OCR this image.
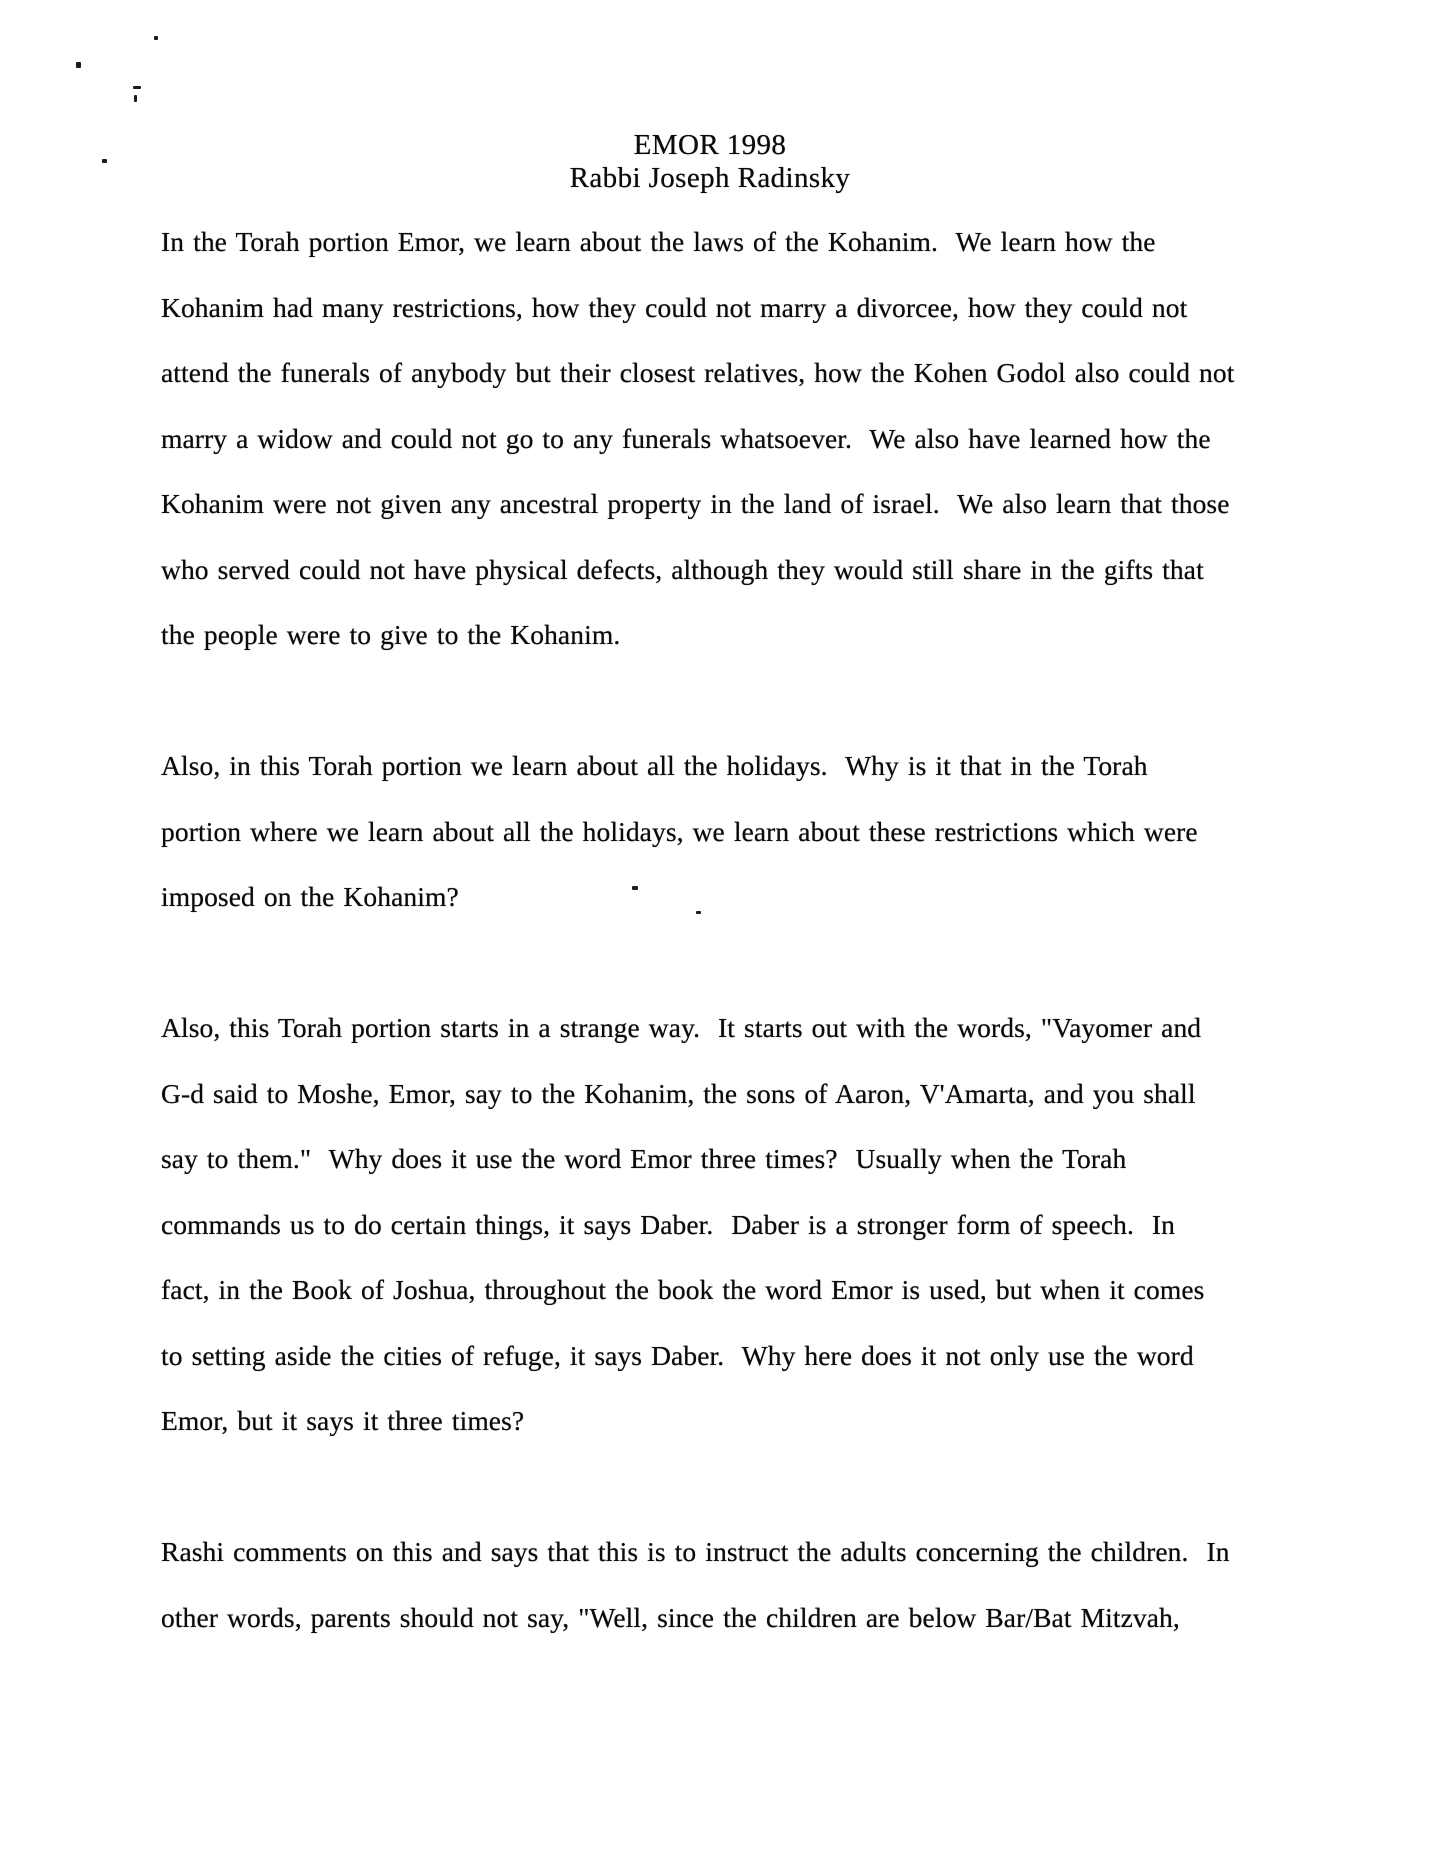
EMOR 1998
Rabbi Joseph Radinsky
In the Torah portion Emor, we learn about the laws of the Kohanim.  We learn how the
Kohanim had many restrictions, how they could not marry a divorcee, how they could not
attend the funerals of anybody but their closest relatives, how the Kohen Godol also could not
marry a widow and could not go to any funerals whatsoever.  We also have learned how the
Kohanim were not given any ancestral property in the land of israel.  We also learn that those
who served could not have physical defects, although they would still share in the gifts that
the people were to give to the Kohanim.
Also, in this Torah portion we learn about all the holidays.  Why is it that in the Torah
portion where we learn about all the holidays, we learn about these restrictions which were
imposed on the Kohanim?
Also, this Torah portion starts in a strange way.  It starts out with the words, "Vayomer and
G-d said to Moshe, Emor, say to the Kohanim, the sons of Aaron, V'Amarta, and you shall
say to them."  Why does it use the word Emor three times?  Usually when the Torah
commands us to do certain things, it says Daber.  Daber is a stronger form of speech.  In
fact, in the Book of Joshua, throughout the book the word Emor is used, but when it comes
to setting aside the cities of refuge, it says Daber.  Why here does it not only use the word
Emor, but it says it three times?
Rashi comments on this and says that this is to instruct the adults concerning the children.  In
other words, parents should not say, "Well, since the children are below Bar/Bat Mitzvah,
